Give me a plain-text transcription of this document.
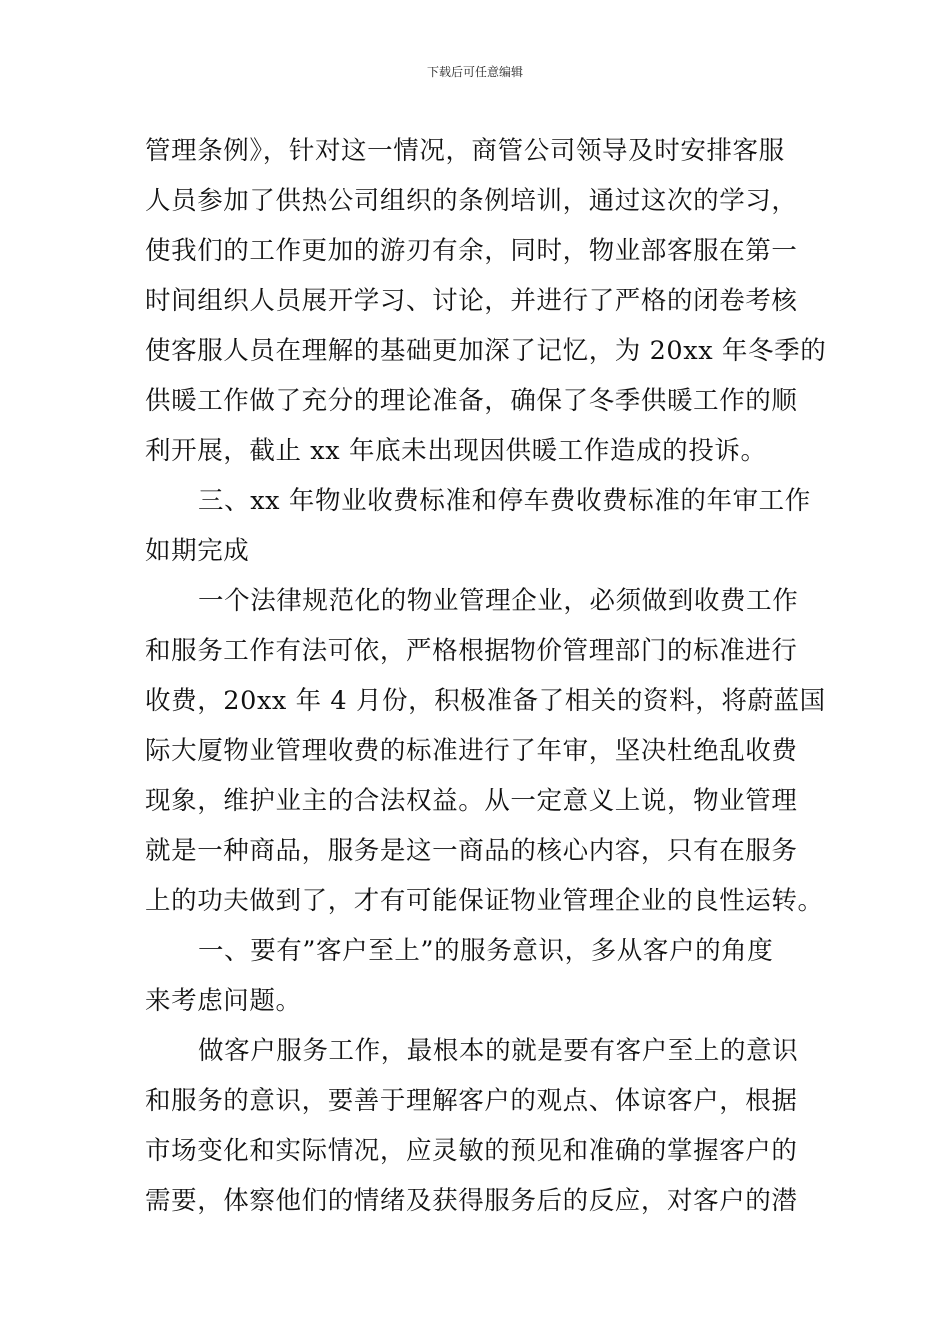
下载后可任意编辑
管理条例》，针对这一情况，商管公司领导及时安排客服
人员参加了供热公司组织的条例培训，通过这次的学习，
使我们的工作更加的游刃有余，同时，物业部客服在第一
时间组织人员展开学习、讨论，并进行了严格的闭卷考核
使客服人员在理解的基础更加深了记忆，为 20xx 年冬季的
供暖工作做了充分的理论准备，确保了冬季供暖工作的顺
利开展，截止 xx 年底未出现因供暖工作造成的投诉。
三、xx 年物业收费标准和停车费收费标准的年审工作
如期完成
一个法律规范化的物业管理企业，必须做到收费工作
和服务工作有法可依，严格根据物价管理部门的标准进行
收费，20xx 年 4 月份，积极准备了相关的资料，将蔚蓝国
际大厦物业管理收费的标准进行了年审，坚决杜绝乱收费
现象，维护业主的合法权益。从一定意义上说，物业管理
就是一种商品，服务是这一商品的核心内容，只有在服务
上的功夫做到了，才有可能保证物业管理企业的良性运转。
一、要有”客户至上”的服务意识，多从客户的角度
来考虑问题。
做客户服务工作，最根本的就是要有客户至上的意识
和服务的意识，要善于理解客户的观点、体谅客户，根据
市场变化和实际情况，应灵敏的预见和准确的掌握客户的
需要，体察他们的情绪及获得服务后的反应，对客户的潜
